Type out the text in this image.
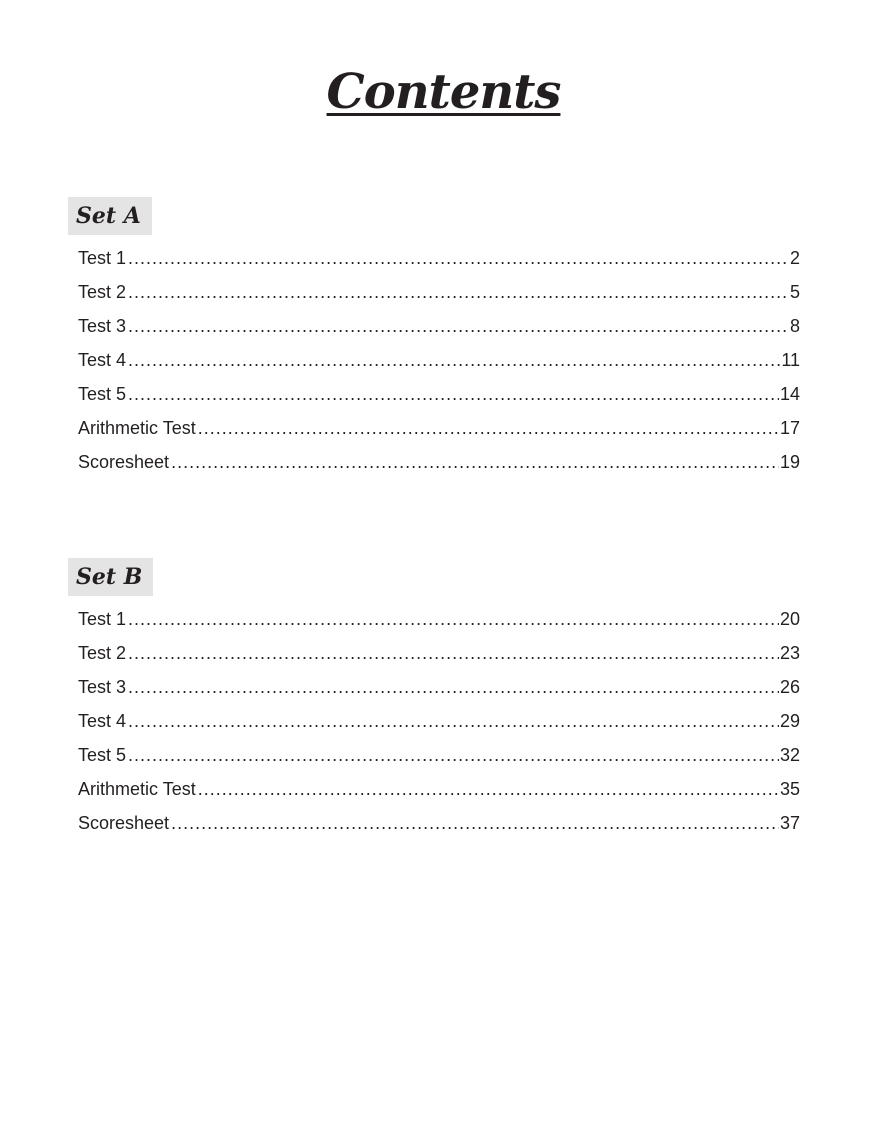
Contents
Set A
Test 1 .....	2
Test 2 .....	5
Test 3 .....	8
Test 4 .....	11
Test 5 .....	14
Arithmetic Test .....	17
Scoresheet .....	19
Set B
Test 1 .....	20
Test 2 .....	23
Test 3 .....	26
Test 4 .....	29
Test 5 .....	32
Arithmetic Test .....	35
Scoresheet .....	37
